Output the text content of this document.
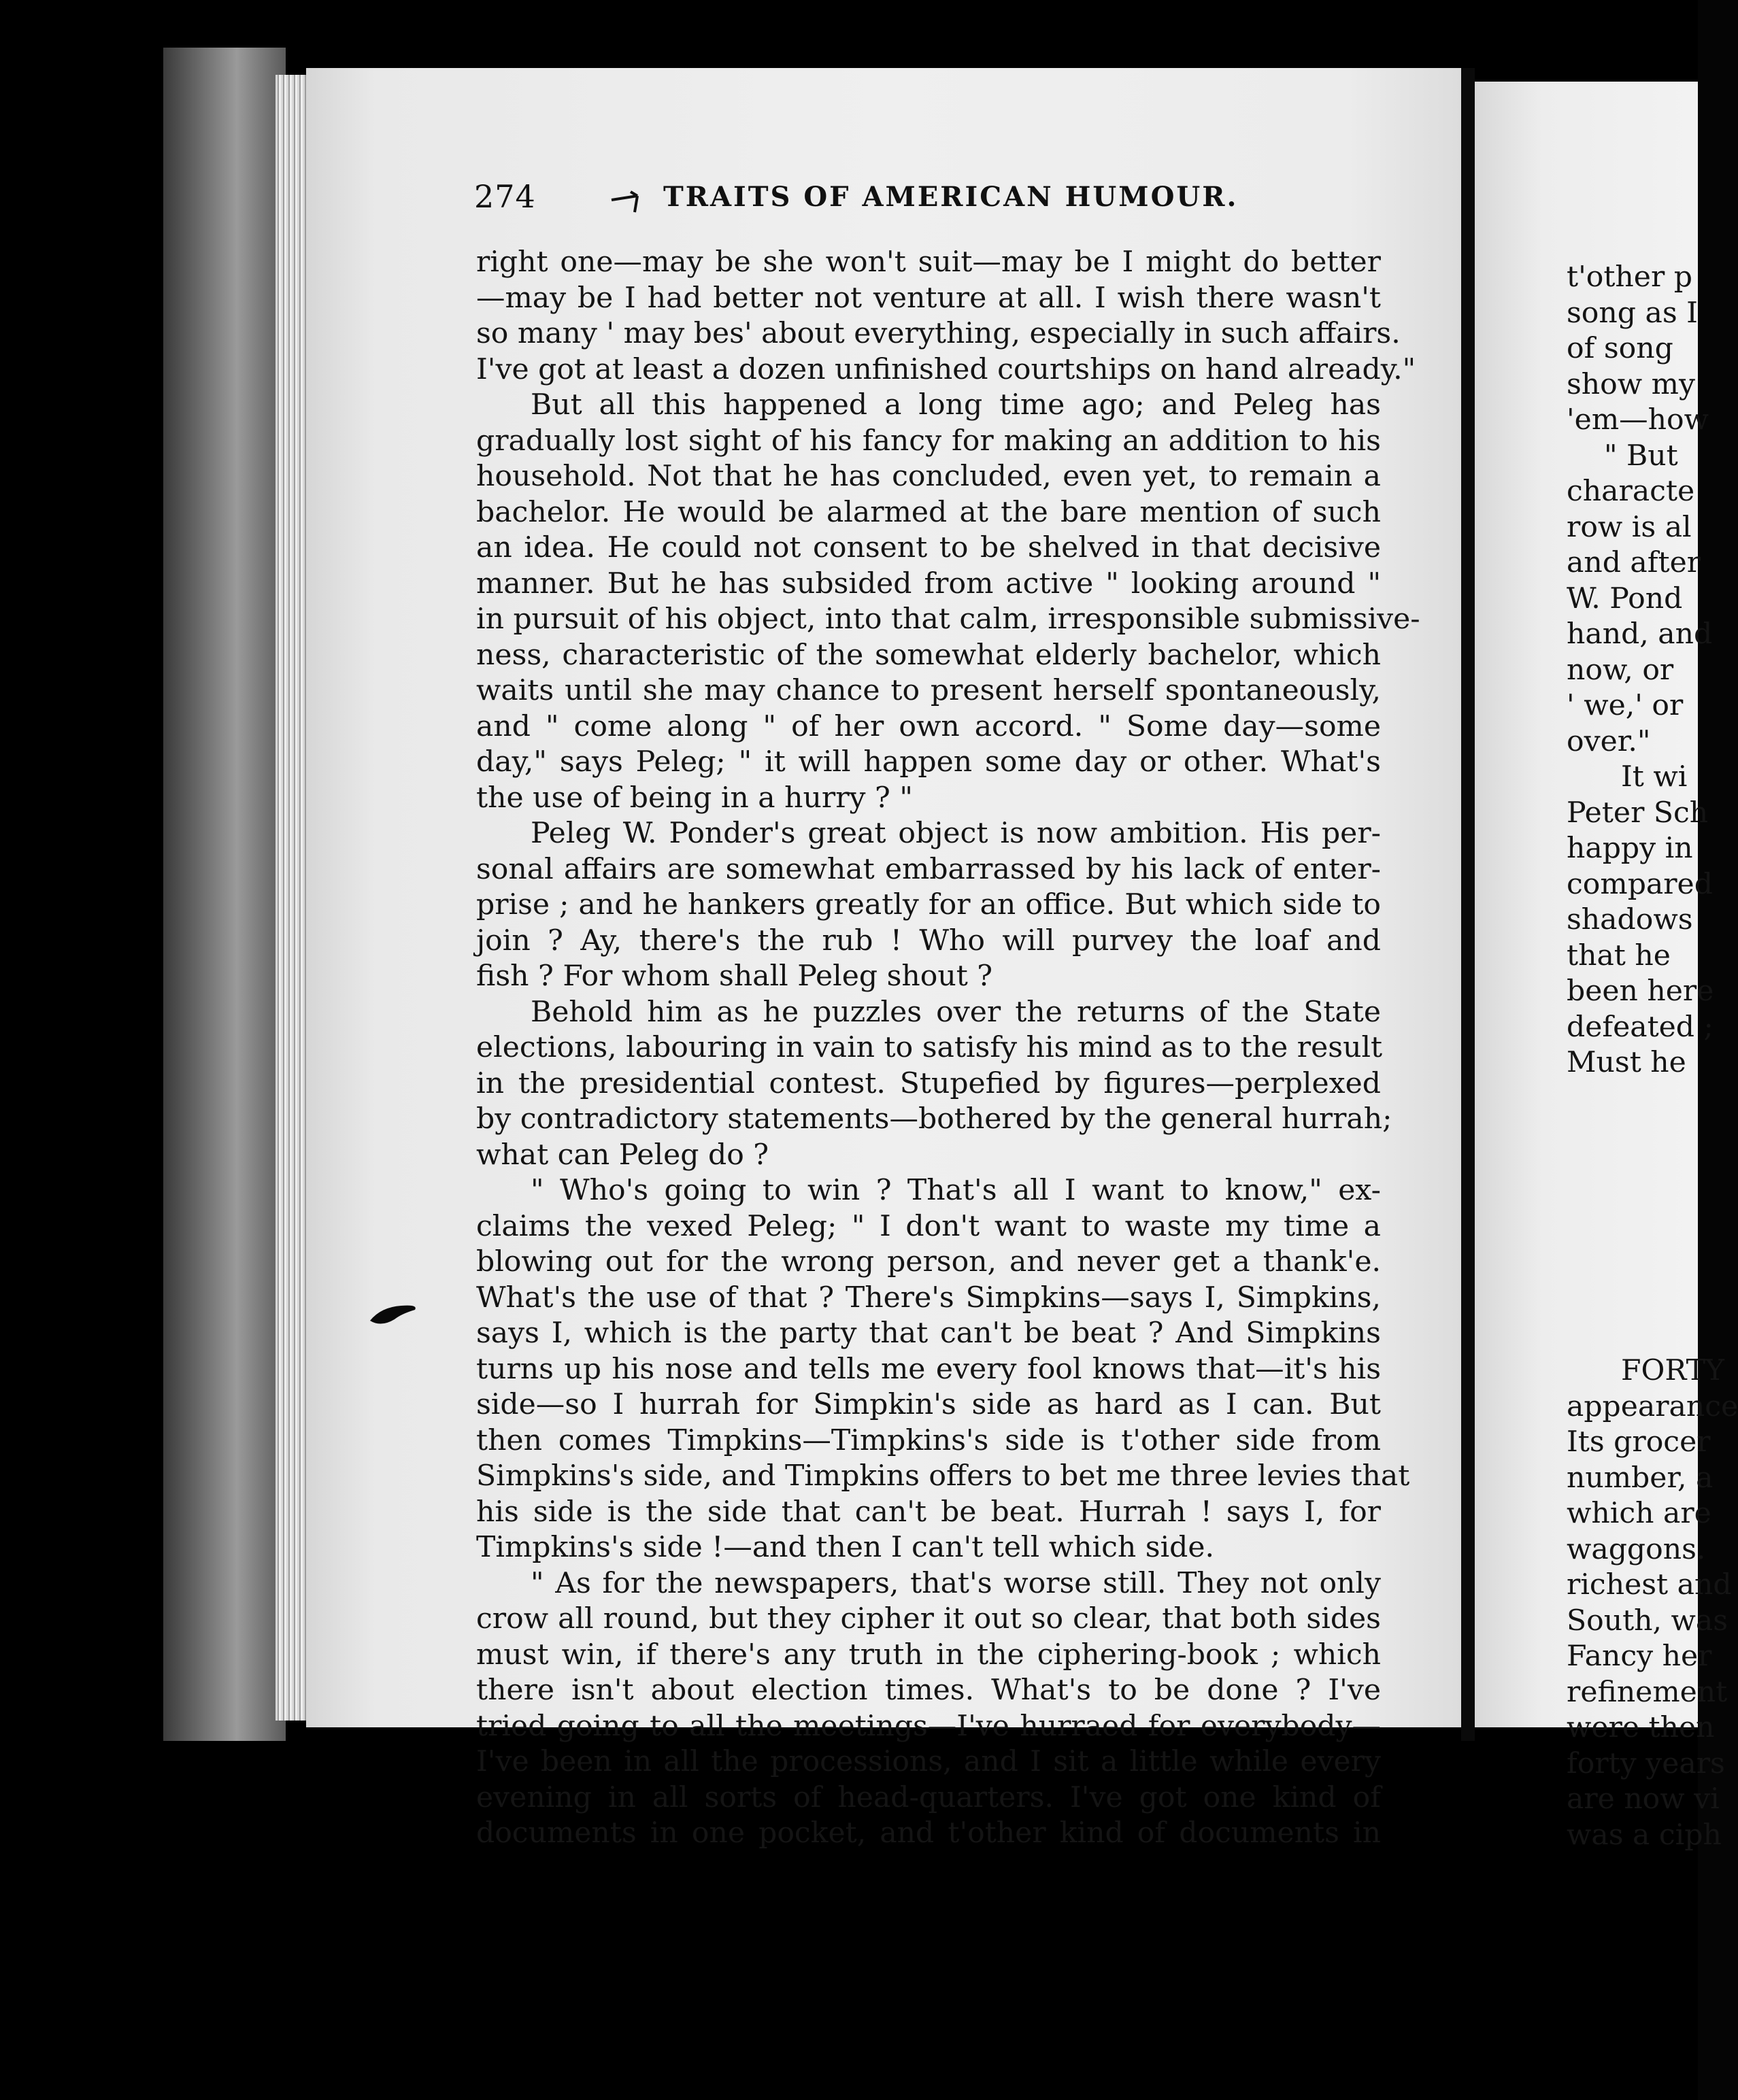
274	TRAITS OF AMERICAN HUMOUR.
right one—may be she won't suit—may be I might do better
—may be I had better not venture at all. I wish there wasn't
so many ' may bes' about everything, especially in such affairs.
I've got at least a dozen unfinished courtships on hand already."
But all this happened a long time ago; and Peleg has
gradually lost sight of his fancy for making an addition to his
household. Not that he has concluded, even yet, to remain a
bachelor. He would be alarmed at the bare mention of such
an idea. He could not consent to be shelved in that decisive
manner. But he has subsided from active " looking around "
in pursuit of his object, into that calm, irresponsible submissive-
ness, characteristic of the somewhat elderly bachelor, which
waits until she may chance to present herself spontaneously,
and " come along " of her own accord. " Some day—some
day," says Peleg; " it will happen some day or other. What's
the use of being in a hurry ? "
Peleg W. Ponder's great object is now ambition. His per-
sonal affairs are somewhat embarrassed by his lack of enter-
prise ; and he hankers greatly for an office. But which side to
join ? Ay, there's the rub ! Who will purvey the loaf and
fish ? For whom shall Peleg shout ?
Behold him as he puzzles over the returns of the State
elections, labouring in vain to satisfy his mind as to the result
in the presidential contest. Stupefied by figures—perplexed
by contradictory statements—bothered by the general hurrah;
what can Peleg do ?
" Who's going to win ? That's all I want to know," ex-
claims the vexed Peleg; " I don't want to waste my time a
blowing out for the wrong person, and never get a thank'e.
What's the use of that ? There's Simpkins—says I, Simpkins,
says I, which is the party that can't be beat ? And Simpkins
turns up his nose and tells me every fool knows that—it's his
side—so I hurrah for Simpkin's side as hard as I can. But
then comes Timpkins—Timpkins's side is t'other side from
Simpkins's side, and Timpkins offers to bet me three levies that
his side is the side that can't be beat. Hurrah ! says I, for
Timpkins's side !—and then I can't tell which side.
" As for the newspapers, that's worse still. They not only
crow all round, but they cipher it out so clear, that both sides
must win, if there's any truth in the ciphering-book ; which
there isn't about election times. What's to be done ? I've
tried going to all the meetings—I've hurraed for everybody—
I've been in all the processions, and I sit a little while every
evening in all sorts of head-quarters. I've got one kind of
documents in one pocket, and t'other kind of documents in
t'other p
song as I
of song
show my
'em—how
" But
characte
row is al
and after
W. Pond
hand, and
now, or
' we,' or
over."
It wi
Peter Sch
happy in
compared
shadows
that he
been here
defeated ;
Must he
FORTY
appearance
Its grocer
number, a
which are
waggons.
richest and
South, was
Fancy her
refinement
were then
forty years
are now vi
was a ciph
